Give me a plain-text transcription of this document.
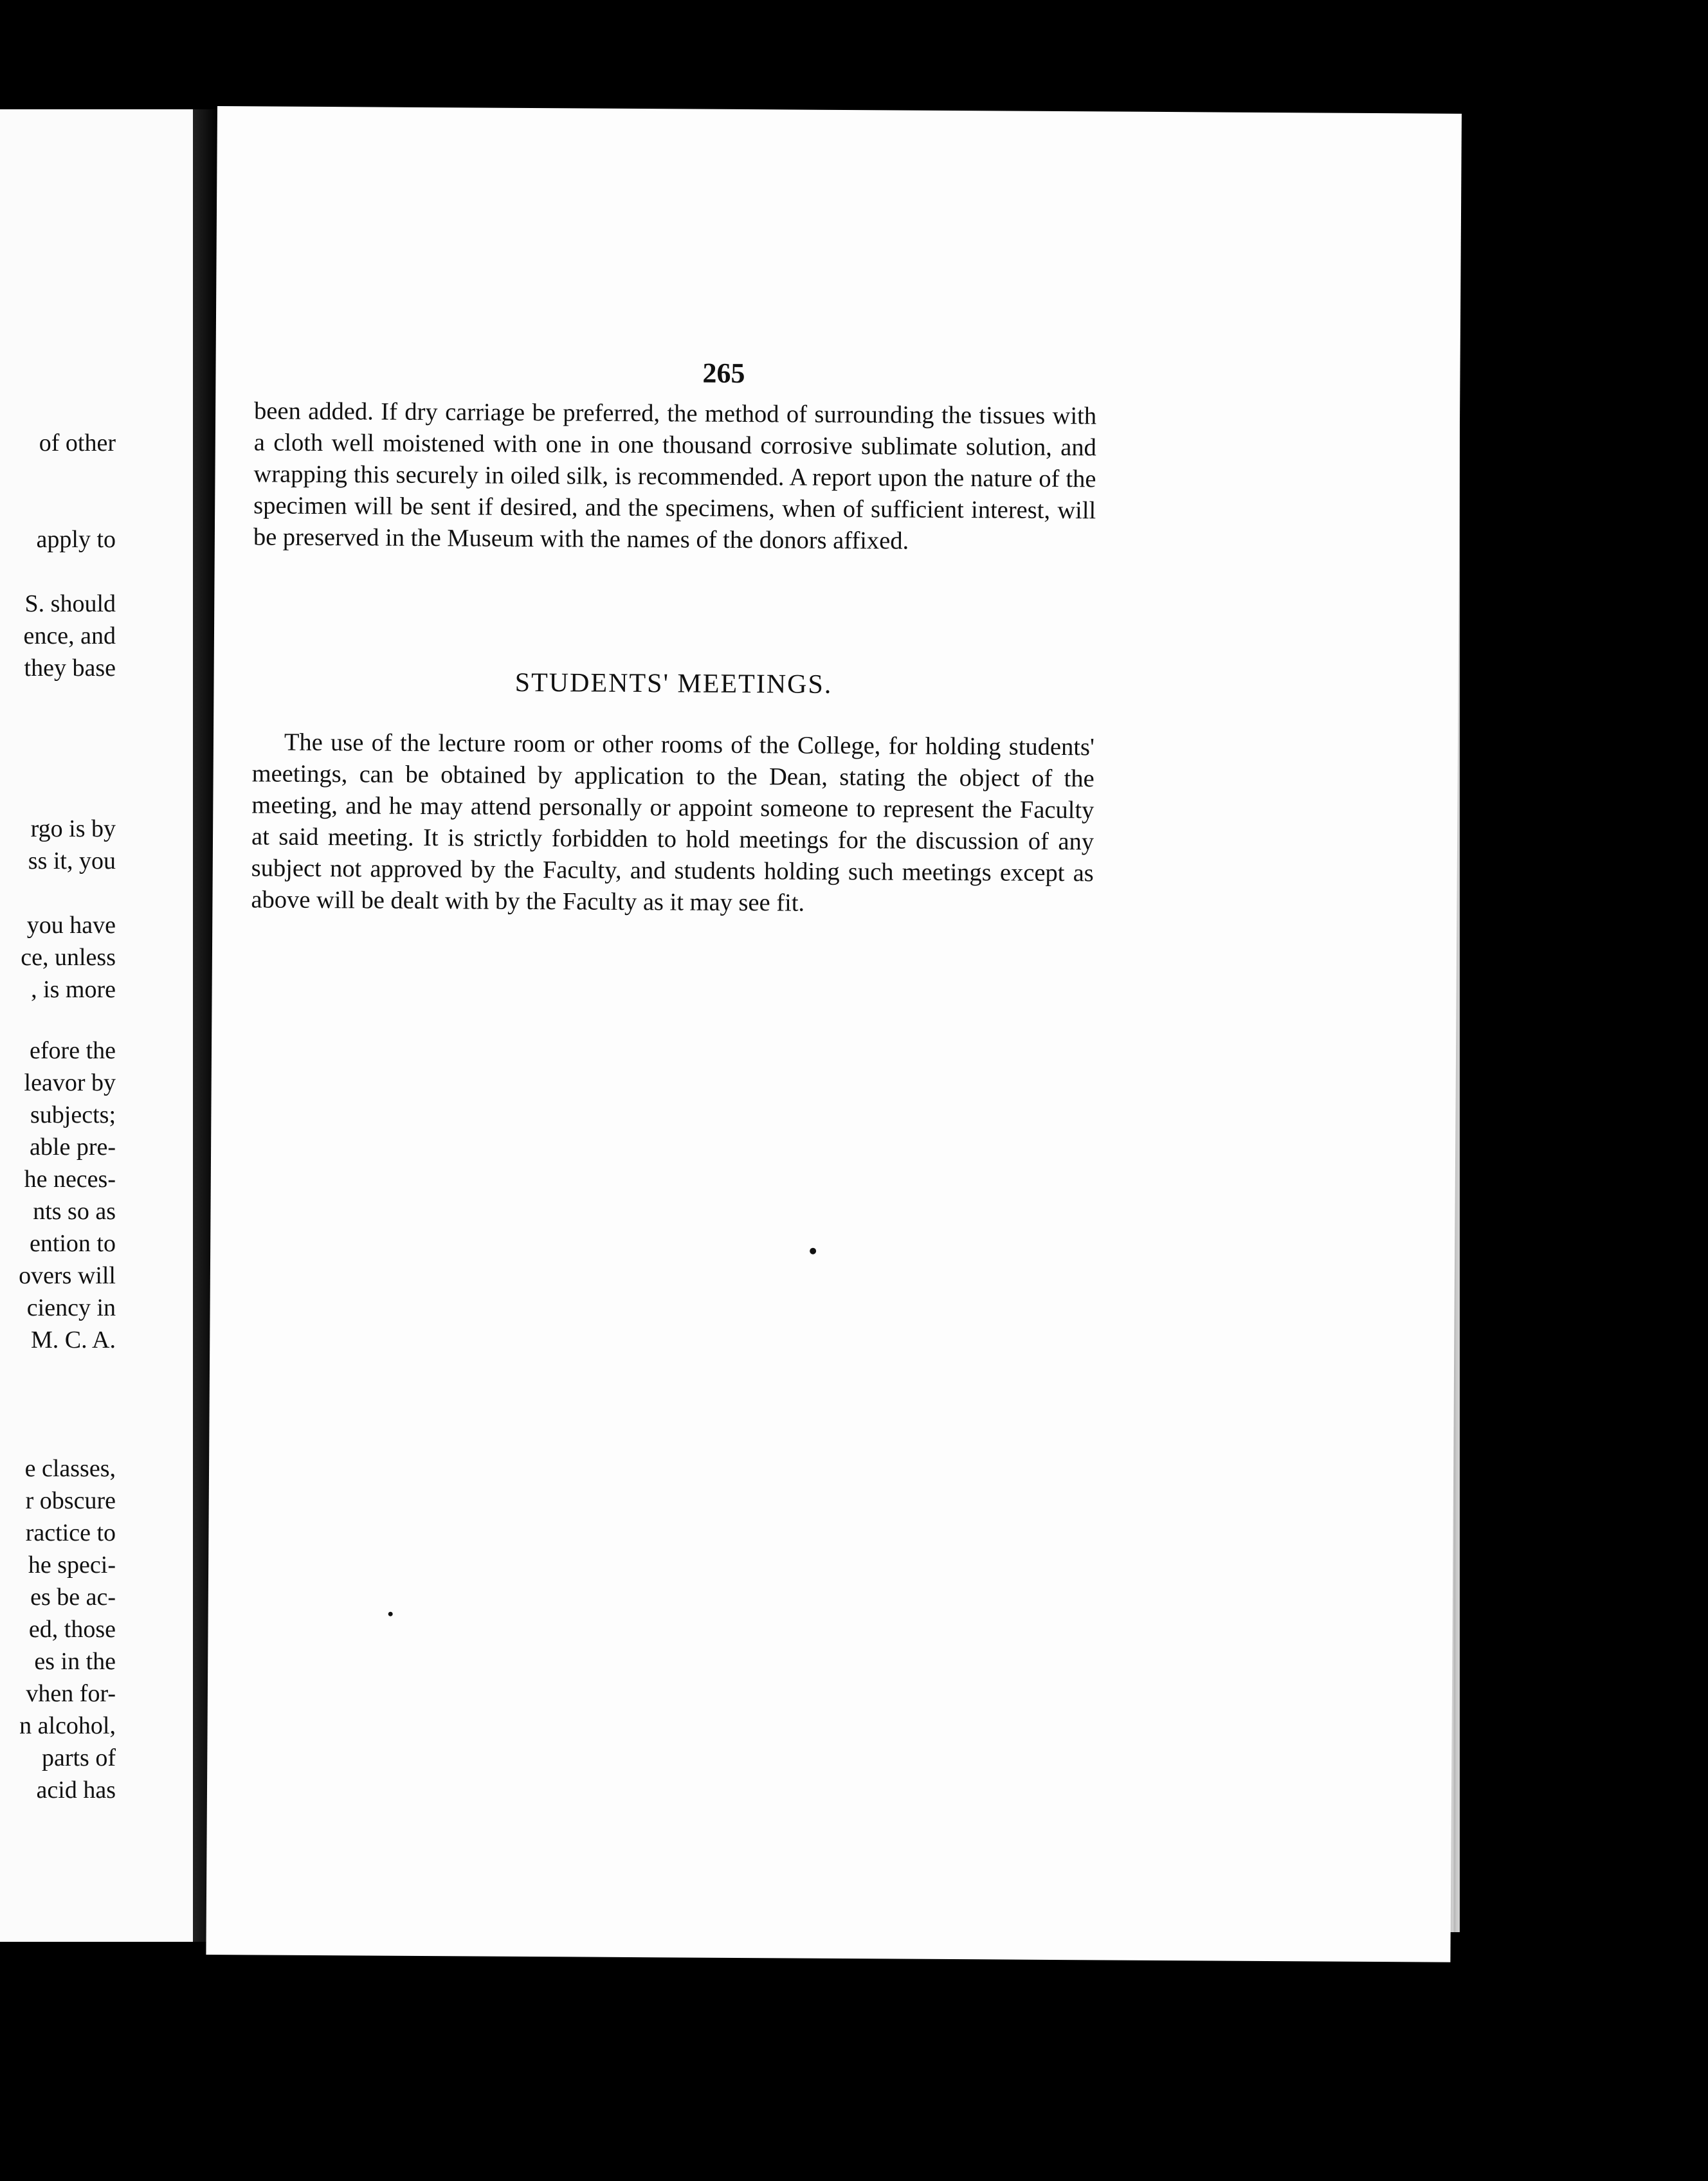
of other
apply to
S. should
ence, and
they base
rgo is by
ss it, you
you have
ce, unless
, is more
efore the
leavor by
subjects;
able pre-
he neces-
nts so as
ention to
overs will
ciency in
M. C. A.
e classes,
r obscure
ractice to
he speci-
es be ac-
ed, those
es in the
vhen for-
n alcohol,
parts of
acid has
265
been added. If dry carriage be preferred, the method of surrounding the tissues with a cloth well moistened with one in one thousand corrosive sublimate solution, and wrapping this securely in oiled silk, is recommended. A report upon the nature of the specimen will be sent if desired, and the specimens, when of sufficient interest, will be preserved in the Museum with the names of the donors affixed.
STUDENTS' MEETINGS.
The use of the lecture room or other rooms of the College, for holding students' meetings, can be obtained by application to the Dean, stating the object of the meeting, and he may attend personally or appoint someone to represent the Faculty at said meeting. It is strictly forbidden to hold meetings for the discussion of any subject not approved by the Faculty, and students holding such meetings except as above will be dealt with by the Faculty as it may see fit.
